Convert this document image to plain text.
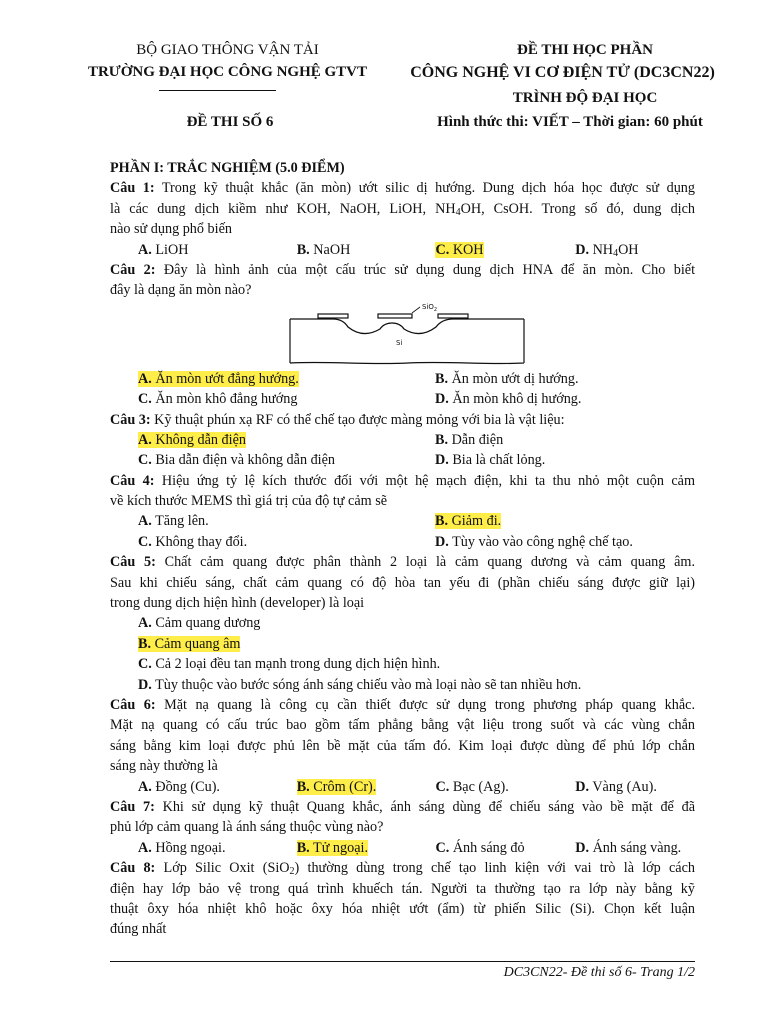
BỘ GIAO THÔNG VẬN TẢI
TRƯỜNG ĐẠI HỌC CÔNG NGHỆ GTVT
ĐỀ THI SỐ 6
ĐỀ THI HỌC PHẦN
CÔNG NGHỆ VI CƠ ĐIỆN TỬ (DC3CN22)
TRÌNH ĐỘ ĐẠI HỌC
Hình thức thi: VIẾT – Thời gian: 60 phút
PHẦN I: TRẮC NGHIỆM (5.0 ĐIỂM)
Câu 1: Trong kỹ thuật khắc (ăn mòn) ướt silic dị hướng. Dung dịch hóa học được sử dụng
là các dung dịch kiềm như KOH, NaOH, LiOH, $NH_4OH$, CsOH. Trong số đó, dung dịch
nào sử dụng phổ biến
A. LiOH	B. NaOH	C. KOH	D. $NH_4OH$
Câu 2: Đây là hình ảnh của một cấu trúc sử dụng dung dịch HNA để ăn mòn. Cho biết
đây là dạng ăn mòn nào?
SiO$_2$
Si
A. Ăn mòn ướt đẳng hướng.	B. Ăn mòn ướt dị hướng.
C. Ăn mòn khô đẳng hướng	D. Ăn mòn khô dị hướng.
Câu 3: Kỹ thuật phún xạ RF có thể chế tạo được màng mỏng với bia là vật liệu:
A. Không dẫn điện	B. Dẫn điện
C. Bia dẫn điện và không dẫn điện	D. Bia là chất lỏng.
Câu 4: Hiệu ứng tỷ lệ kích thước đối với một hệ mạch điện, khi ta thu nhỏ một cuộn cảm
về kích thước MEMS thì giá trị của độ tự cảm sẽ
A. Tăng lên.	B. Giảm đi.
C. Không thay đổi.	D. Tùy vào vào công nghệ chế tạo.
Câu 5: Chất cảm quang được phân thành 2 loại là cảm quang dương và cảm quang âm.
Sau khi chiếu sáng, chất cảm quang có độ hòa tan yếu đi (phần chiếu sáng được giữ lại)
trong dung dịch hiện hình (developer) là loại
A. Cảm quang dương
B. Cảm quang âm
C. Cả 2 loại đều tan mạnh trong dung dịch hiện hình.
D. Tùy thuộc vào bước sóng ánh sáng chiếu vào mà loại nào sẽ tan nhiều hơn.
Câu 6: Mặt nạ quang là công cụ cần thiết được sử dụng trong phương pháp quang khắc.
Mặt nạ quang có cấu trúc bao gồm tấm phẳng bằng vật liệu trong suốt và các vùng chắn
sáng bằng kim loại được phủ lên bề mặt của tấm đó. Kim loại được dùng để phủ lớp chắn
sáng này thường là
A. Đồng (Cu).	B. Crôm (Cr).	C. Bạc (Ag).	D. Vàng (Au).
Câu 7: Khi sử dụng kỹ thuật Quang khắc, ánh sáng dùng để chiếu sáng vào bề mặt để đã
phủ lớp cảm quang là ánh sáng thuộc vùng nào?
A. Hồng ngoại.	B. Tử ngoại.	C. Ánh sáng đỏ	D. Ánh sáng vàng.
Câu 8: Lớp Silic Oxit (SiO$_2$) thường dùng trong chế tạo linh kiện với vai trò là lớp cách
điện hay lớp bảo vệ trong quá trình khuếch tán. Người ta thường tạo ra lớp này bằng kỹ
thuật ôxy hóa nhiệt khô hoặc ôxy hóa nhiệt ướt (ẩm) từ phiến Silic (Si). Chọn kết luận
đúng nhất
DC3CN22- Đề thi số 6- Trang 1/2
